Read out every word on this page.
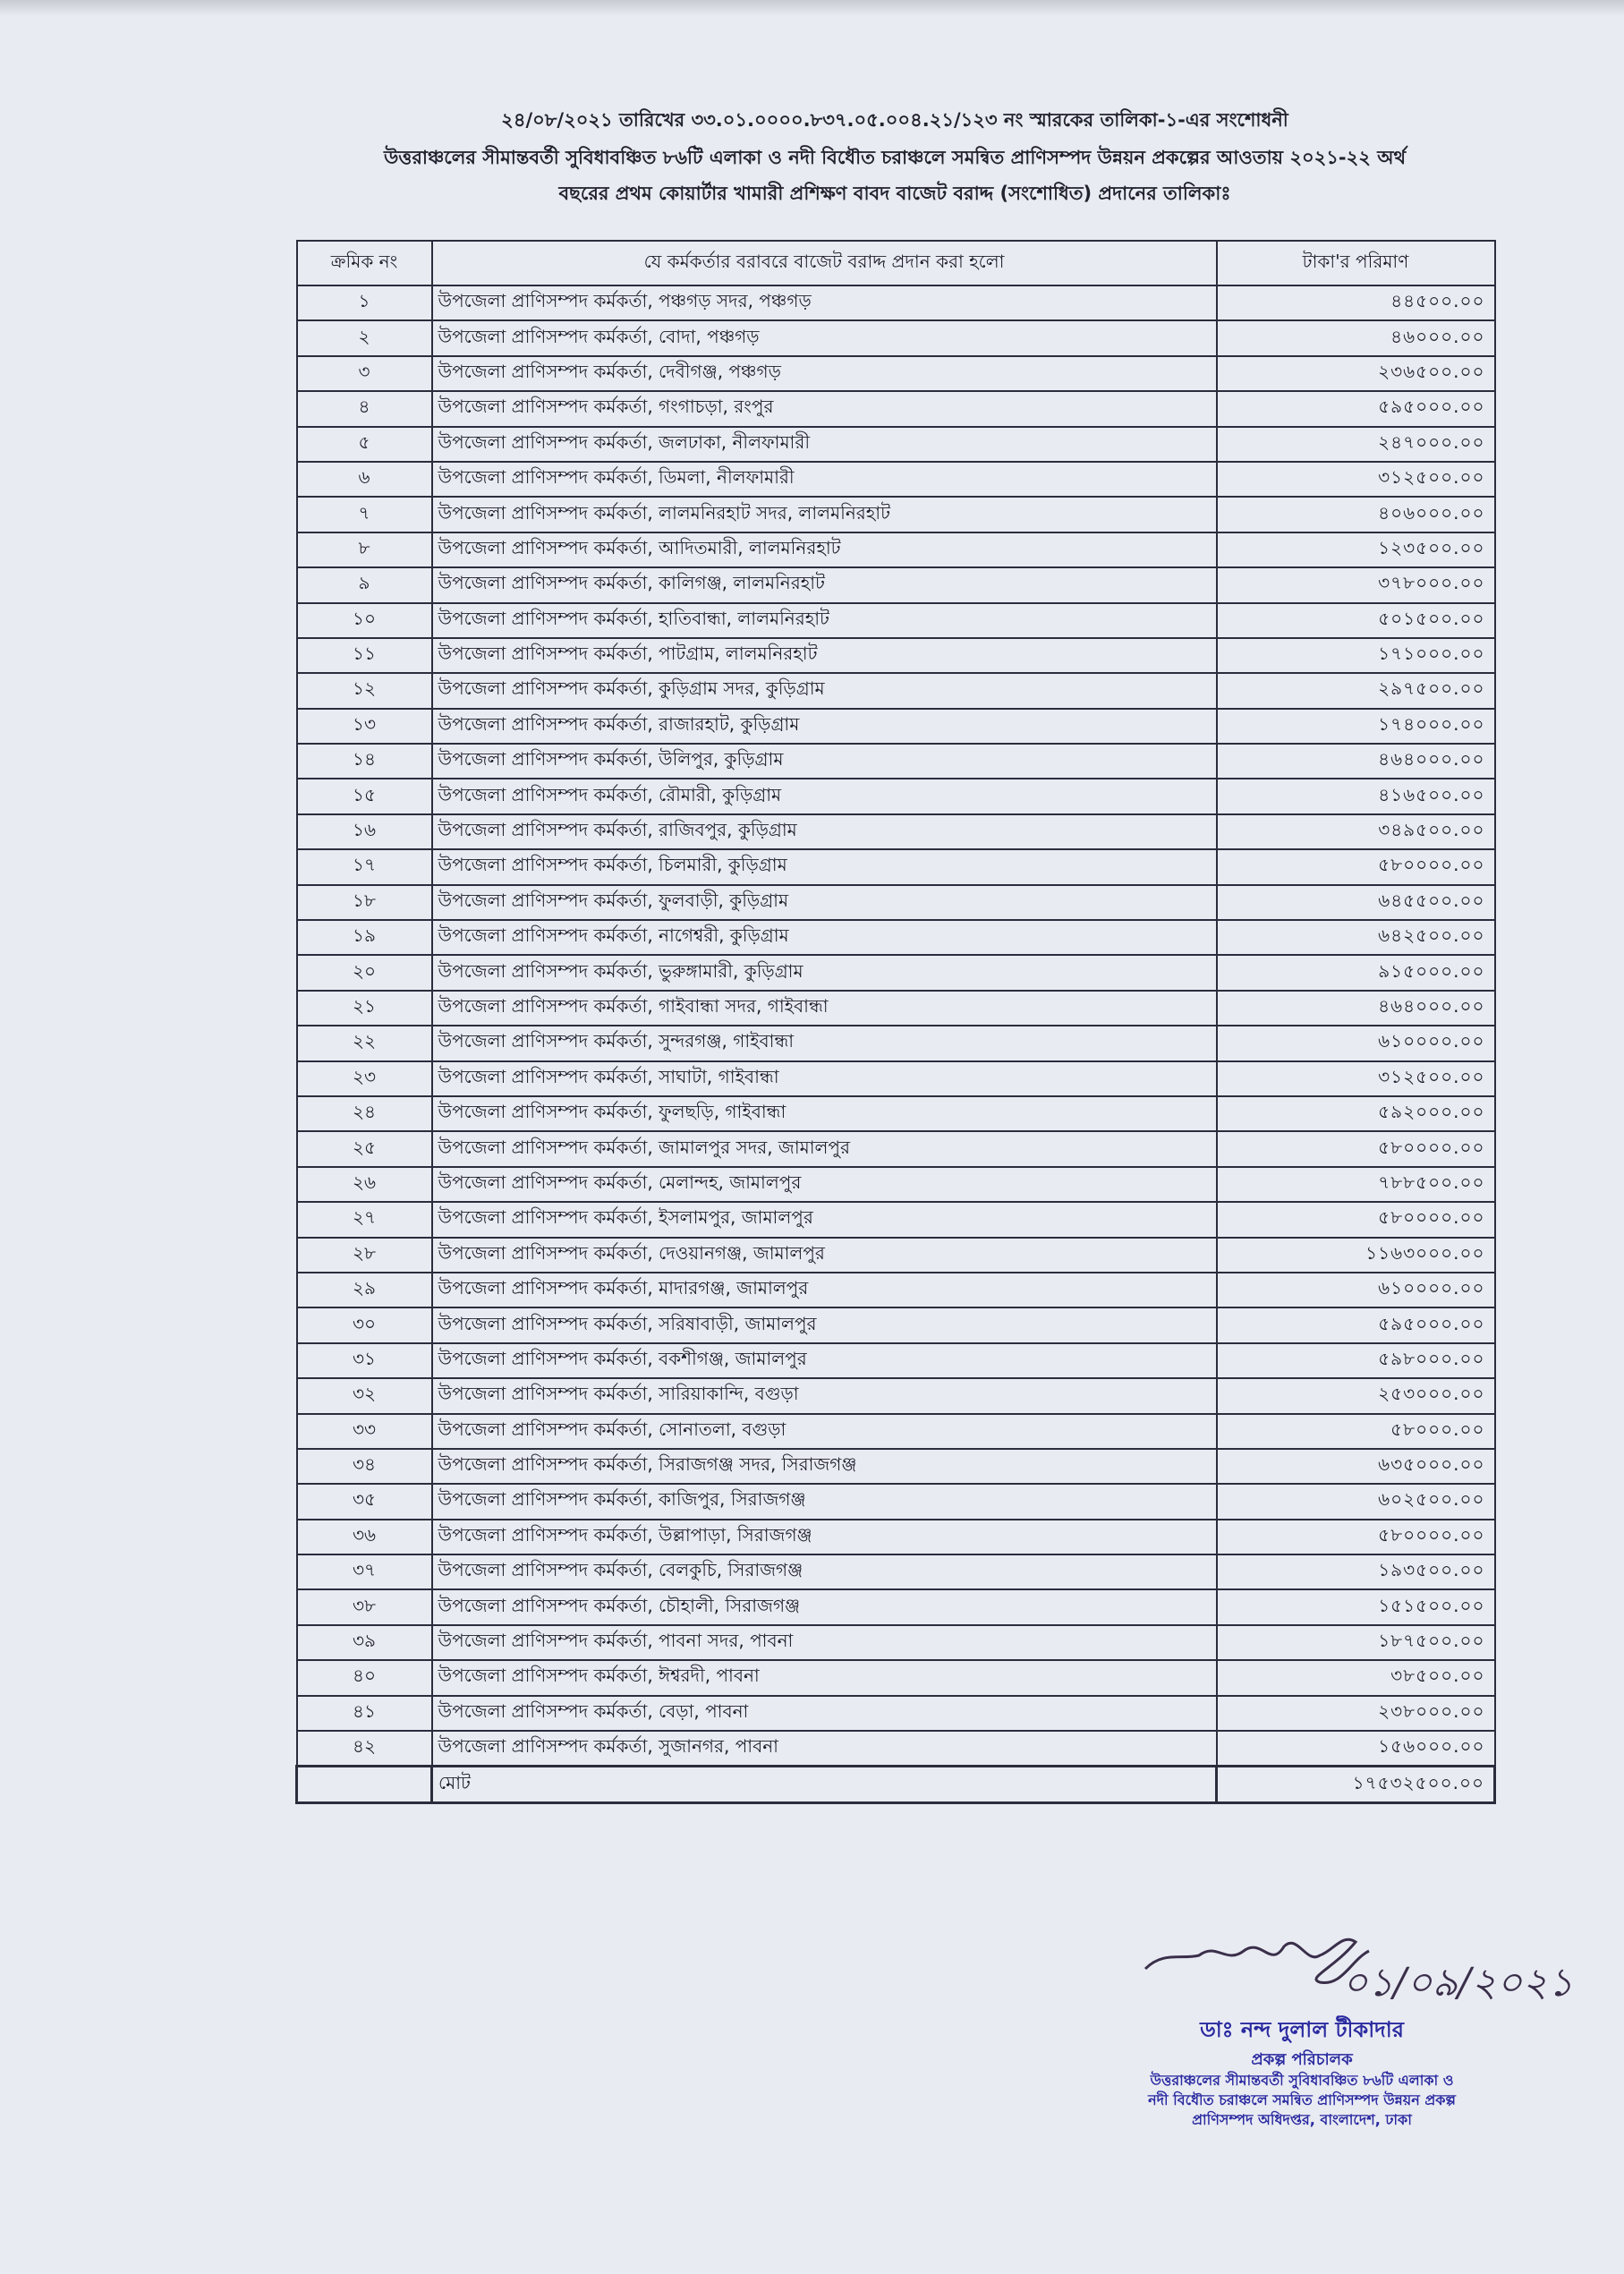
২৪/০৮/২০২১ তারিখের ৩৩.০১.০০০০.৮৩৭.০৫.০০৪.২১/১২৩ নং স্মারকের তালিকা-১-এর সংশোধনী
উত্তরাঞ্চলের সীমান্তবর্তী সুবিধাবঞ্চিত ৮৬টি এলাকা ও নদী বিধৌত চরাঞ্চলে সমন্বিত প্রাণিসম্পদ উন্নয়ন প্রকল্পের আওতায় ২০২১-২২ অর্থ
বছরের প্রথম কোয়ার্টার খামারী প্রশিক্ষণ বাবদ বাজেট বরাদ্দ (সংশোধিত) প্রদানের তালিকাঃ
ক্রমিক নং	যে কর্মকর্তার বরাবরে বাজেট বরাদ্দ প্রদান করা হলো	টাকা'র পরিমাণ
১	উপজেলা প্রাণিসম্পদ কর্মকর্তা, পঞ্চগড় সদর, পঞ্চগড়	৪৪৫০০.০০
২	উপজেলা প্রাণিসম্পদ কর্মকর্তা, বোদা, পঞ্চগড়	৪৬০০০.০০
৩	উপজেলা প্রাণিসম্পদ কর্মকর্তা, দেবীগঞ্জ, পঞ্চগড়	২৩৬৫০০.০০
৪	উপজেলা প্রাণিসম্পদ কর্মকর্তা, গংগাচড়া, রংপুর	৫৯৫০০০.০০
৫	উপজেলা প্রাণিসম্পদ কর্মকর্তা, জলঢাকা, নীলফামারী	২৪৭০০০.০০
৬	উপজেলা প্রাণিসম্পদ কর্মকর্তা, ডিমলা, নীলফামারী	৩১২৫০০.০০
৭	উপজেলা প্রাণিসম্পদ কর্মকর্তা, লালমনিরহাট সদর, লালমনিরহাট	৪০৬০০০.০০
৮	উপজেলা প্রাণিসম্পদ কর্মকর্তা, আদিতমারী, লালমনিরহাট	১২৩৫০০.০০
৯	উপজেলা প্রাণিসম্পদ কর্মকর্তা, কালিগঞ্জ, লালমনিরহাট	৩৭৮০০০.০০
১০	উপজেলা প্রাণিসম্পদ কর্মকর্তা, হাতিবান্ধা, লালমনিরহাট	৫০১৫০০.০০
১১	উপজেলা প্রাণিসম্পদ কর্মকর্তা, পাটগ্রাম, লালমনিরহাট	১৭১০০০.০০
১২	উপজেলা প্রাণিসম্পদ কর্মকর্তা, কুড়িগ্রাম সদর, কুড়িগ্রাম	২৯৭৫০০.০০
১৩	উপজেলা প্রাণিসম্পদ কর্মকর্তা, রাজারহাট, কুড়িগ্রাম	১৭৪০০০.০০
১৪	উপজেলা প্রাণিসম্পদ কর্মকর্তা, উলিপুর, কুড়িগ্রাম	৪৬৪০০০.০০
১৫	উপজেলা প্রাণিসম্পদ কর্মকর্তা, রৌমারী, কুড়িগ্রাম	৪১৬৫০০.০০
১৬	উপজেলা প্রাণিসম্পদ কর্মকর্তা, রাজিবপুর, কুড়িগ্রাম	৩৪৯৫০০.০০
১৭	উপজেলা প্রাণিসম্পদ কর্মকর্তা, চিলমারী, কুড়িগ্রাম	৫৮০০০০.০০
১৮	উপজেলা প্রাণিসম্পদ কর্মকর্তা, ফুলবাড়ী, কুড়িগ্রাম	৬৪৫৫০০.০০
১৯	উপজেলা প্রাণিসম্পদ কর্মকর্তা, নাগেশ্বরী, কুড়িগ্রাম	৬৪২৫০০.০০
২০	উপজেলা প্রাণিসম্পদ কর্মকর্তা, ভুরুঙ্গামারী, কুড়িগ্রাম	৯১৫০০০.০০
২১	উপজেলা প্রাণিসম্পদ কর্মকর্তা, গাইবান্ধা সদর, গাইবান্ধা	৪৬৪০০০.০০
২২	উপজেলা প্রাণিসম্পদ কর্মকর্তা, সুন্দরগঞ্জ, গাইবান্ধা	৬১০০০০.০০
২৩	উপজেলা প্রাণিসম্পদ কর্মকর্তা, সাঘাটা, গাইবান্ধা	৩১২৫০০.০০
২৪	উপজেলা প্রাণিসম্পদ কর্মকর্তা, ফুলছড়ি, গাইবান্ধা	৫৯২০০০.০০
২৫	উপজেলা প্রাণিসম্পদ কর্মকর্তা, জামালপুর সদর, জামালপুর	৫৮০০০০.০০
২৬	উপজেলা প্রাণিসম্পদ কর্মকর্তা, মেলান্দহ, জামালপুর	৭৮৮৫০০.০০
২৭	উপজেলা প্রাণিসম্পদ কর্মকর্তা, ইসলামপুর, জামালপুর	৫৮০০০০.০০
২৮	উপজেলা প্রাণিসম্পদ কর্মকর্তা, দেওয়ানগঞ্জ, জামালপুর	১১৬৩০০০.০০
২৯	উপজেলা প্রাণিসম্পদ কর্মকর্তা, মাদারগঞ্জ, জামালপুর	৬১০০০০.০০
৩০	উপজেলা প্রাণিসম্পদ কর্মকর্তা, সরিষাবাড়ী, জামালপুর	৫৯৫০০০.০০
৩১	উপজেলা প্রাণিসম্পদ কর্মকর্তা, বকশীগঞ্জ, জামালপুর	৫৯৮০০০.০০
৩২	উপজেলা প্রাণিসম্পদ কর্মকর্তা, সারিয়াকান্দি, বগুড়া	২৫৩০০০.০০
৩৩	উপজেলা প্রাণিসম্পদ কর্মকর্তা, সোনাতলা, বগুড়া	৫৮০০০.০০
৩৪	উপজেলা প্রাণিসম্পদ কর্মকর্তা, সিরাজগঞ্জ সদর, সিরাজগঞ্জ	৬৩৫০০০.০০
৩৫	উপজেলা প্রাণিসম্পদ কর্মকর্তা, কাজিপুর, সিরাজগঞ্জ	৬০২৫০০.০০
৩৬	উপজেলা প্রাণিসম্পদ কর্মকর্তা, উল্লাপাড়া, সিরাজগঞ্জ	৫৮০০০০.০০
৩৭	উপজেলা প্রাণিসম্পদ কর্মকর্তা, বেলকুচি, সিরাজগঞ্জ	১৯৩৫০০.০০
৩৮	উপজেলা প্রাণিসম্পদ কর্মকর্তা, চৌহালী, সিরাজগঞ্জ	১৫১৫০০.০০
৩৯	উপজেলা প্রাণিসম্পদ কর্মকর্তা, পাবনা সদর, পাবনা	১৮৭৫০০.০০
৪০	উপজেলা প্রাণিসম্পদ কর্মকর্তা, ঈশ্বরদী, পাবনা	৩৮৫০০.০০
৪১	উপজেলা প্রাণিসম্পদ কর্মকর্তা, বেড়া, পাবনা	২৩৮০০০.০০
৪২	উপজেলা প্রাণিসম্পদ কর্মকর্তা, সুজানগর, পাবনা	১৫৬০০০.০০
	মোট	১৭৫৩২৫০০.০০
০১/০৯/২০২১
ডাঃ নন্দ দুলাল টীকাদার
প্রকল্প পরিচালক
উত্তরাঞ্চলের সীমান্তবর্তী সুবিধাবঞ্চিত ৮৬টি এলাকা ও
নদী বিধৌত চরাঞ্চলে সমন্বিত প্রাণিসম্পদ উন্নয়ন প্রকল্প
প্রাণিসম্পদ অধিদপ্তর, বাংলাদেশ, ঢাকা
